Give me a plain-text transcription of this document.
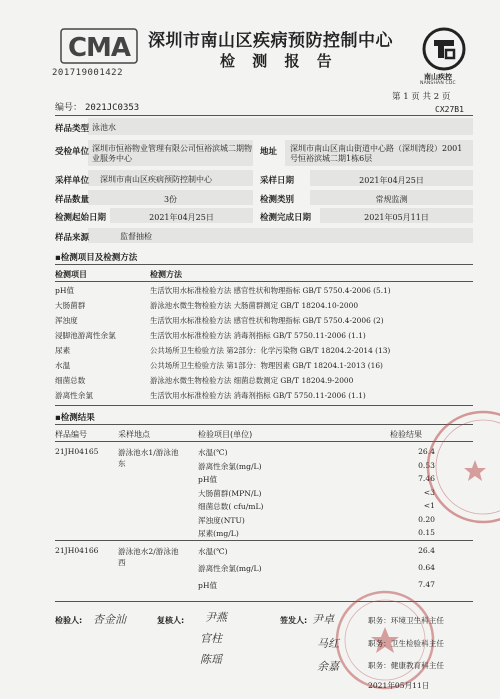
CMA
201719001422
深圳市南山区疾病预防控制中心
检 测 报 告
南山疾控
NANSHAN CDC
编号： 2021JC0353
第 1 页 共 2 页
CX27B1
样品类型 泳池水
受检单位 深圳市恒裕物业管理有限公司恒裕滨城二期物业服务中心
地址 深圳市南山区南山街道中心路（深圳湾段）2001号恒裕滨城二期1栋6层
采样单位 深圳市南山区疾病预防控制中心	采样日期	2021年04月25日
样品数量	3份	检测类别	常规监测
检测起始日期	2021年04月25日	检测完成日期	2021年05月11日
样品来源	监督抽检
▪检测项目及检测方法
检测项目	检测方法
pH值	生活饮用水标准检验方法 感官性状和物理指标 GB/T 5750.4-2006 (5.1)
大肠菌群	游泳池水微生物检验方法 大肠菌群测定 GB/T 18204.10-2000
浑浊度	生活饮用水标准检验方法 感官性状和物理指标 GB/T 5750.4-2006 (2)
浸脚池游离性余氯	生活饮用水标准检验方法 消毒剂指标 GB/T 5750.11-2006 (1.1)
尿素	公共场所卫生检验方法 第2部分：化学污染物 GB/T 18204.2-2014 (13)
水温	公共场所卫生检验方法 第1部分：物理因素 GB/T 18204.1-2013 (16)
细菌总数	游泳池水微生物检验方法 细菌总数测定 GB/T 18204.9-2000
游离性余氯	生活饮用水标准检验方法 消毒剂指标 GB/T 5750.11-2006 (1.1)
▪检测结果
样品编号	采样地点	检验项目(单位)	检验结果
21JH04165	游泳池水1/游泳池
东
水温(℃)	26.4
游离性余氯(mg/L)	0.53
pH值	7.46
大肠菌群(MPN/L)	<3
细菌总数( cfu/mL)	<1
浑浊度(NTU)	0.20
尿素(mg/L)	0.15
21JH04166	游泳池水2/游泳池
西
水温(℃)	26.4
游离性余氯(mg/L)	0.64
pH值	7.47
检验人: 杏金汕	复核人: 尹燕
官柱
陈瑶
签发人: 尹卓
马红
余嘉
职务：环境卫生科主任
职务：卫生检验科主任
职务：健康教育科主任
2021年05月11日
